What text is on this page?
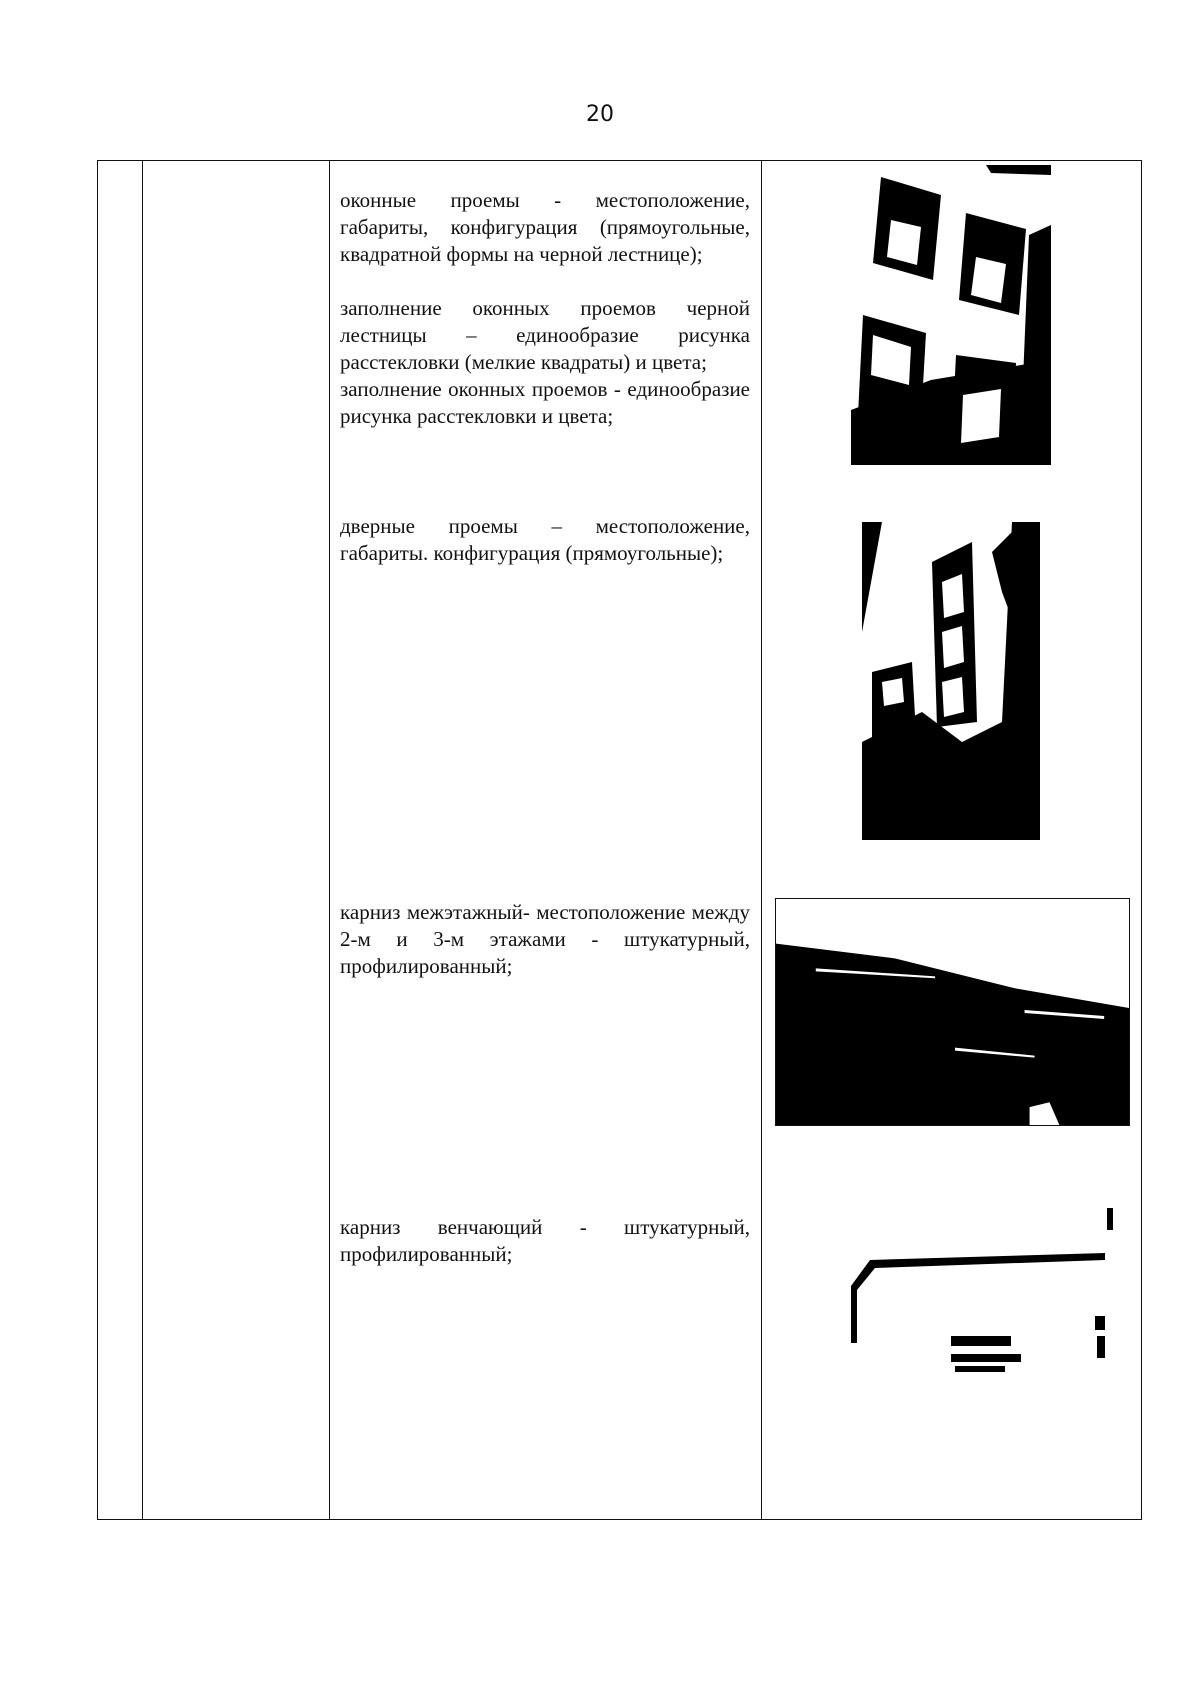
20

оконные проемы - местоположение, габариты, конфигурация (прямоугольные, квадратной формы на черной лестнице);

заполнение оконных проемов черной лестницы – единообразие рисунка расстекловки (мелкие квадраты) и цвета;

заполнение оконных проемов - единообразие рисунка расстекловки и цвета;

дверные проемы – местоположение, габариты. конфигурация (прямоугольные);

карниз межэтажный- местоположение между 2-м и 3-м этажами - штукатурный, профилированный;

карниз венчающий - штукатурный, профилированный;
